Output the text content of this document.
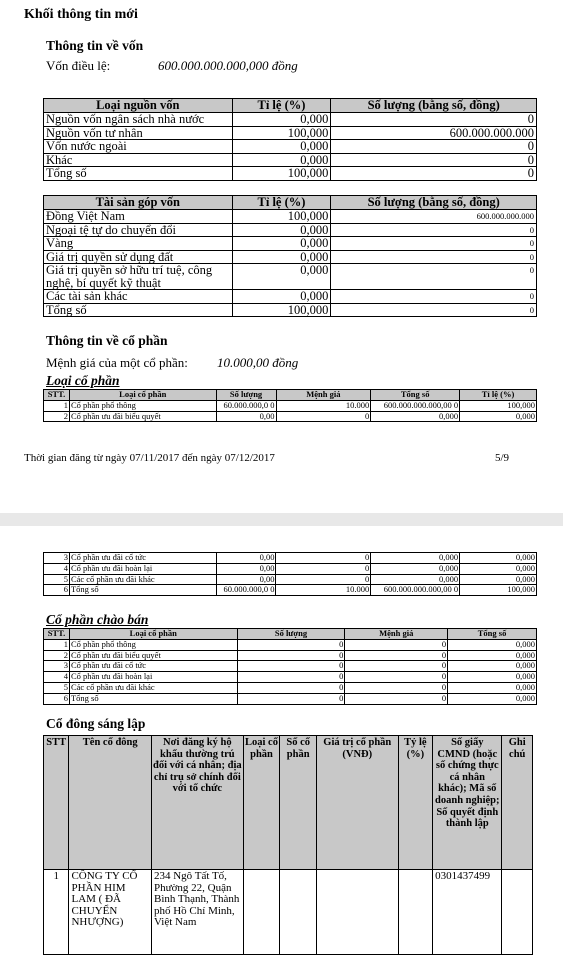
Khối thông tin mới
Thông tin về vốn
Vốn điều lệ:	600.000.000.000,000 đồng
Loại nguồn vốn	Tỉ lệ (%)	Số lượng (bằng số, đồng)
Nguồn vốn ngân sách nhà nước	0,000	0
Nguồn vốn tư nhân	100,000	600.000.000.000
Vốn nước ngoài	0,000	0
Khác	0,000	0
Tổng số	100,000	0
Tài sản góp vốn	Tỉ lệ (%)	Số lượng (bằng số, đồng)
Đồng Việt Nam	100,000	600.000.000.000
Ngoại tệ tự do chuyển đổi	0,000	0
Vàng	0,000	0
Giá trị quyền sử dụng đất	0,000	0
Giá trị quyền sở hữu trí tuệ, công nghệ, bí quyết kỹ thuật	0,000	0
Các tài sản khác	0,000	0
Tổng số	100,000	0
Thông tin về cổ phần
Mệnh giá của một cổ phần: 10.000,00 đồng
Loại cổ phần
STT.	Loại cổ phần	Số lượng	Mệnh giá	Tổng số	Tỉ lệ (%)
1	Cổ phần phổ thông	60.000.000,0 0	10.000	600.000.000.000,00 0	100,000
2	Cổ phần ưu đãi biểu quyết	0,00	0	0,000	0,000
Thời gian đăng từ ngày 07/11/2017 đến ngày 07/12/2017	5/9
3	Cổ phần ưu đãi cổ tức	0,00	0	0,000	0,000
4	Cổ phần ưu đãi hoàn lại	0,00	0	0,000	0,000
5	Các cổ phần ưu đãi khác	0,00	0	0,000	0,000
6	Tổng số	60.000.000,0 0	10.000	600.000.000.000,00 0	100,000
Cổ phần chào bán
STT.	Loại cổ phần	Số lượng	Mệnh giá	Tổng số
1	Cổ phần phổ thông	0	0	0,000
2	Cổ phần ưu đãi biểu quyết	0	0	0,000
3	Cổ phần ưu đãi cổ tức	0	0	0,000
4	Cổ phần ưu đãi hoàn lại	0	0	0,000
5	Các cổ phần ưu đãi khác	0	0	0,000
6	Tổng số	0	0	0,000
Cổ đông sáng lập
STT	Tên cổ đông	Nơi đăng ký hộ khẩu thường trú đối với cá nhân; địa chỉ trụ sở chính đối với tổ chức	Loại cổ phần	Số cổ phần	Giá trị cổ phần (VNĐ)	Tỷ lệ (%)	Số giấy CMND (hoặc số chứng thực cá nhân khác); Mã số doanh nghiệp; Số quyết định thành lập	Ghi chú
1	CÔNG TY CỔ PHẦN HIM LAM ( ĐÃ CHUYỂN NHƯỢNG)	234 Ngô Tất Tố, Phường 22, Quận Bình Thạnh, Thành phố Hồ Chí Minh, Việt Nam					0301437499	
